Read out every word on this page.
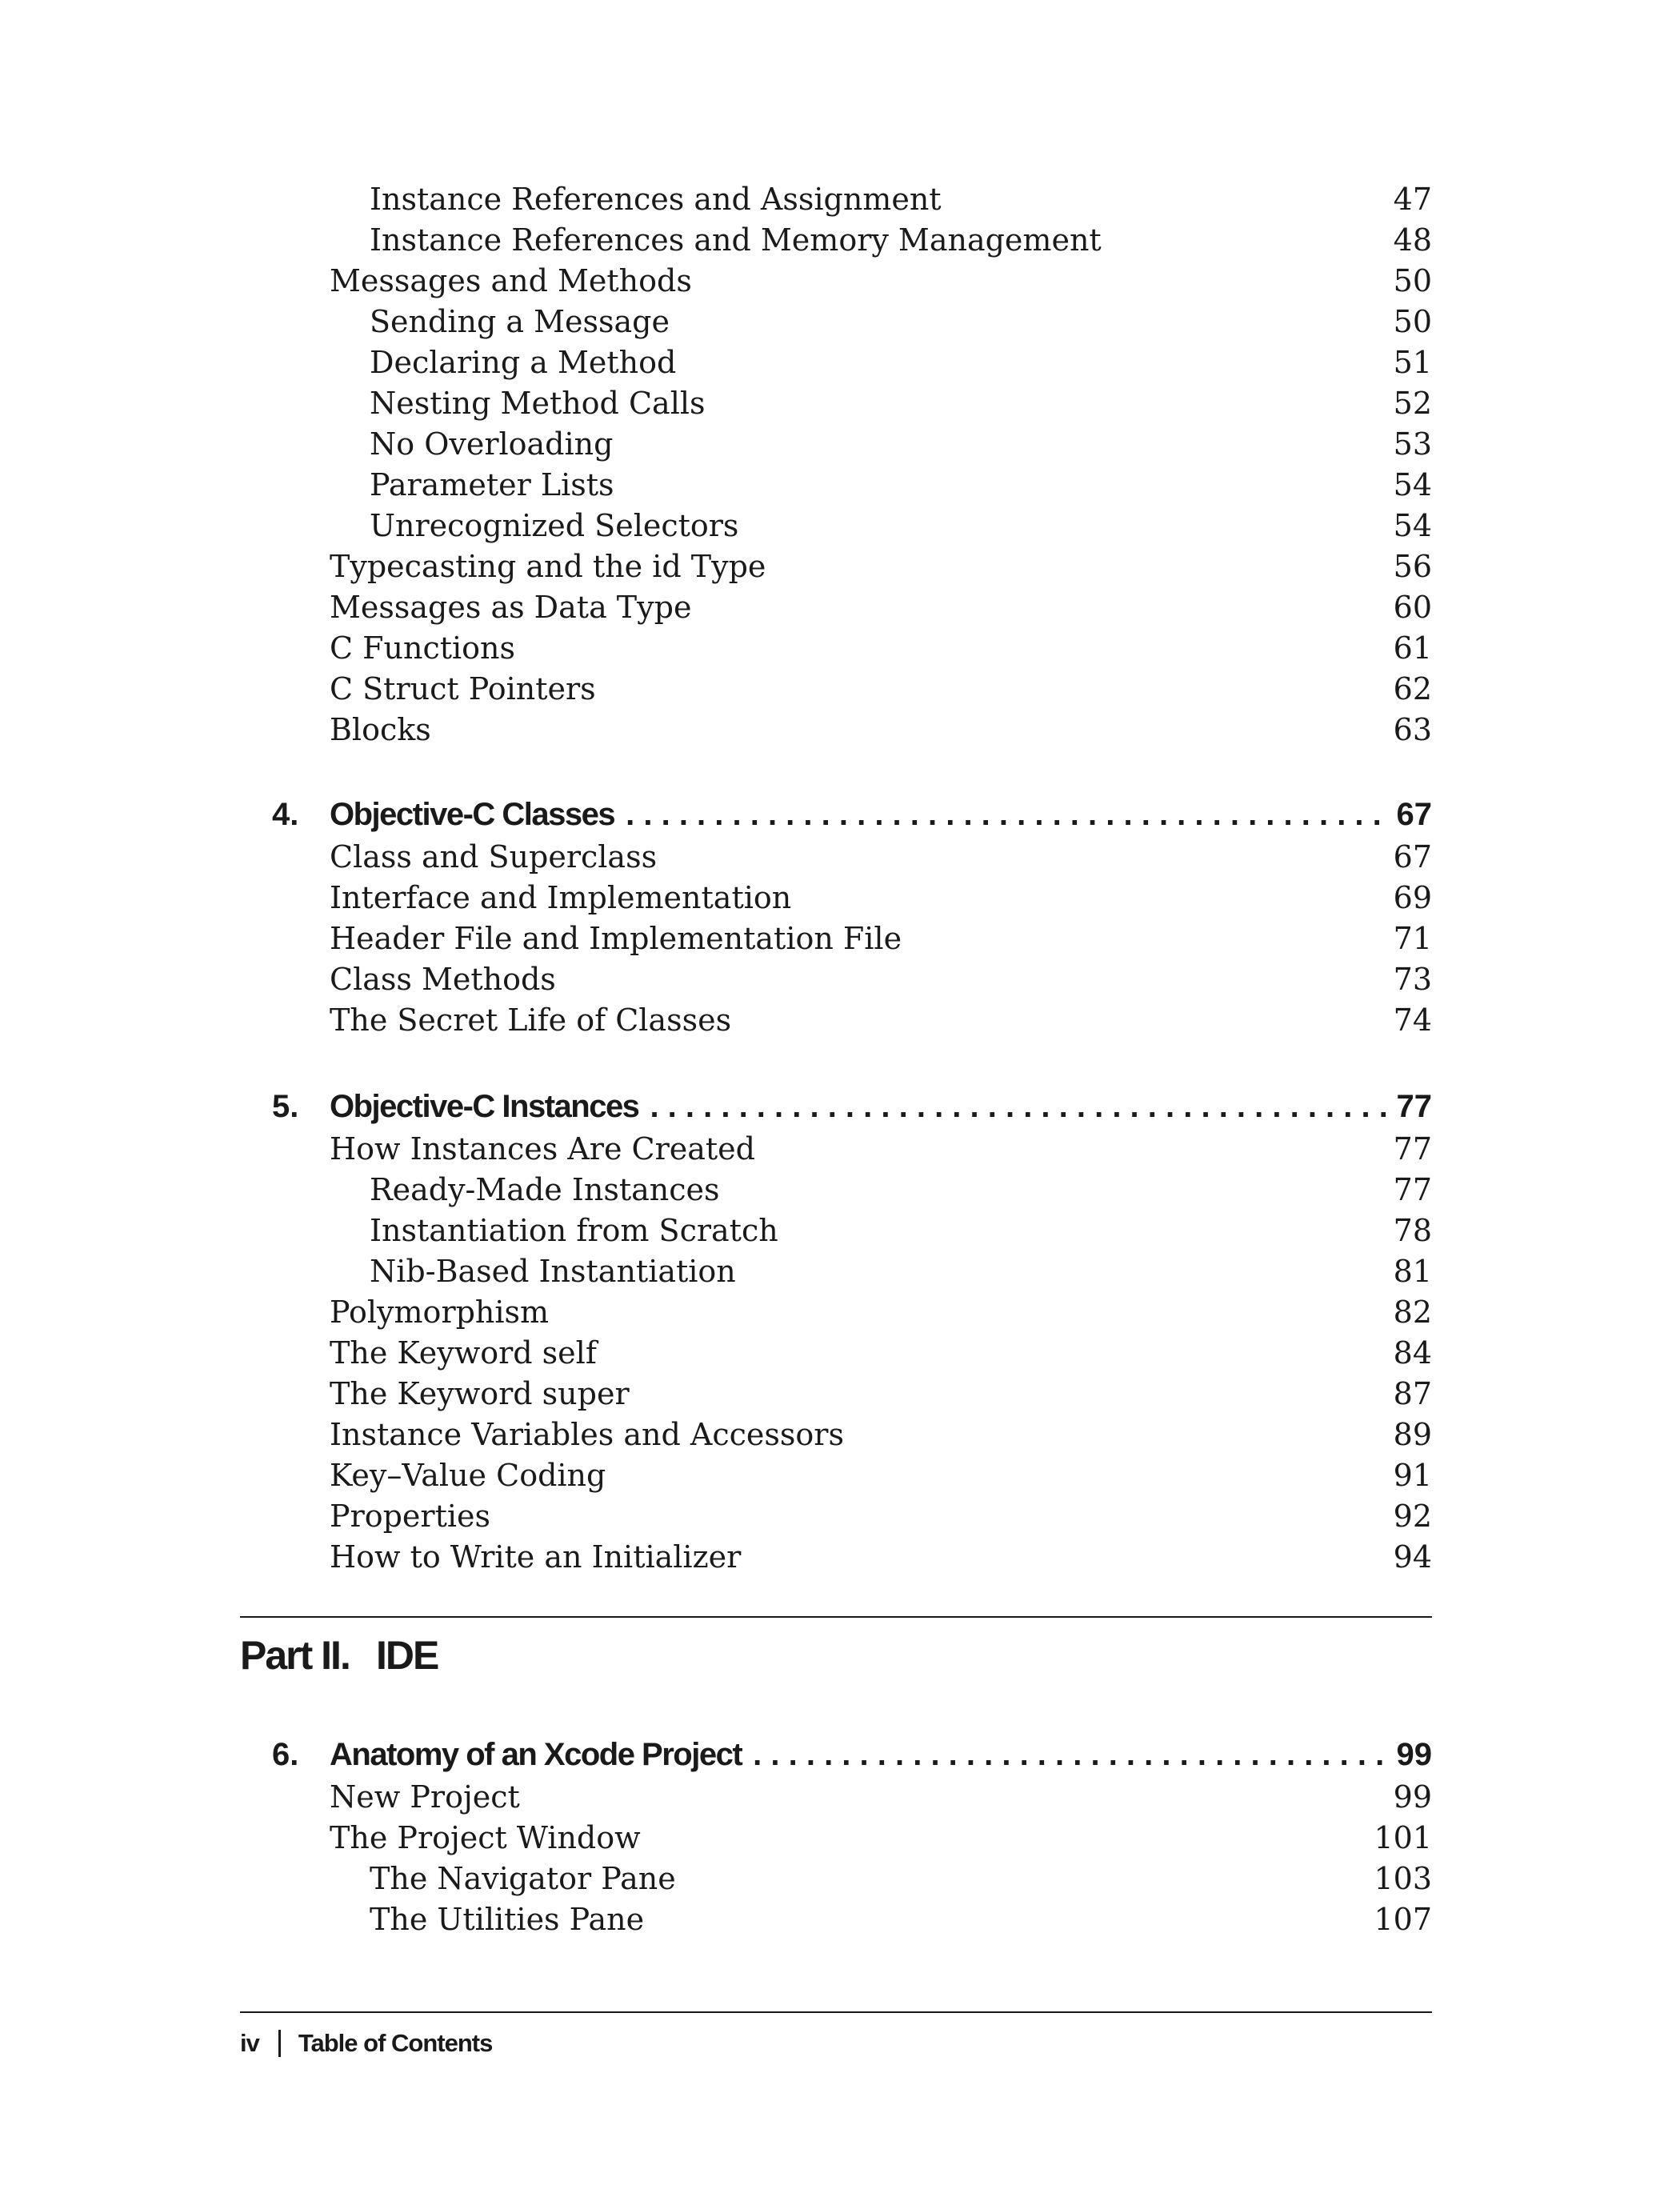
Instance References and Assignment	47
Instance References and Memory Management	48
Messages and Methods	50
Sending a Message	50
Declaring a Method	51
Nesting Method Calls	52
No Overloading	53
Parameter Lists	54
Unrecognized Selectors	54
Typecasting and the id Type	56
Messages as Data Type	60
C Functions	61
C Struct Pointers	62
Blocks	63
4. Objective-C Classes . . .	67
Class and Superclass	67
Interface and Implementation	69
Header File and Implementation File	71
Class Methods	73
The Secret Life of Classes	74
5. Objective-C Instances . . .	77
How Instances Are Created	77
Ready-Made Instances	77
Instantiation from Scratch	78
Nib-Based Instantiation	81
Polymorphism	82
The Keyword self	84
The Keyword super	87
Instance Variables and Accessors	89
Key–Value Coding	91
Properties	92
How to Write an Initializer	94
Part II. IDE
6. Anatomy of an Xcode Project . . .	99
New Project	99
The Project Window	101
The Navigator Pane	103
The Utilities Pane	107
iv Table of Contents
